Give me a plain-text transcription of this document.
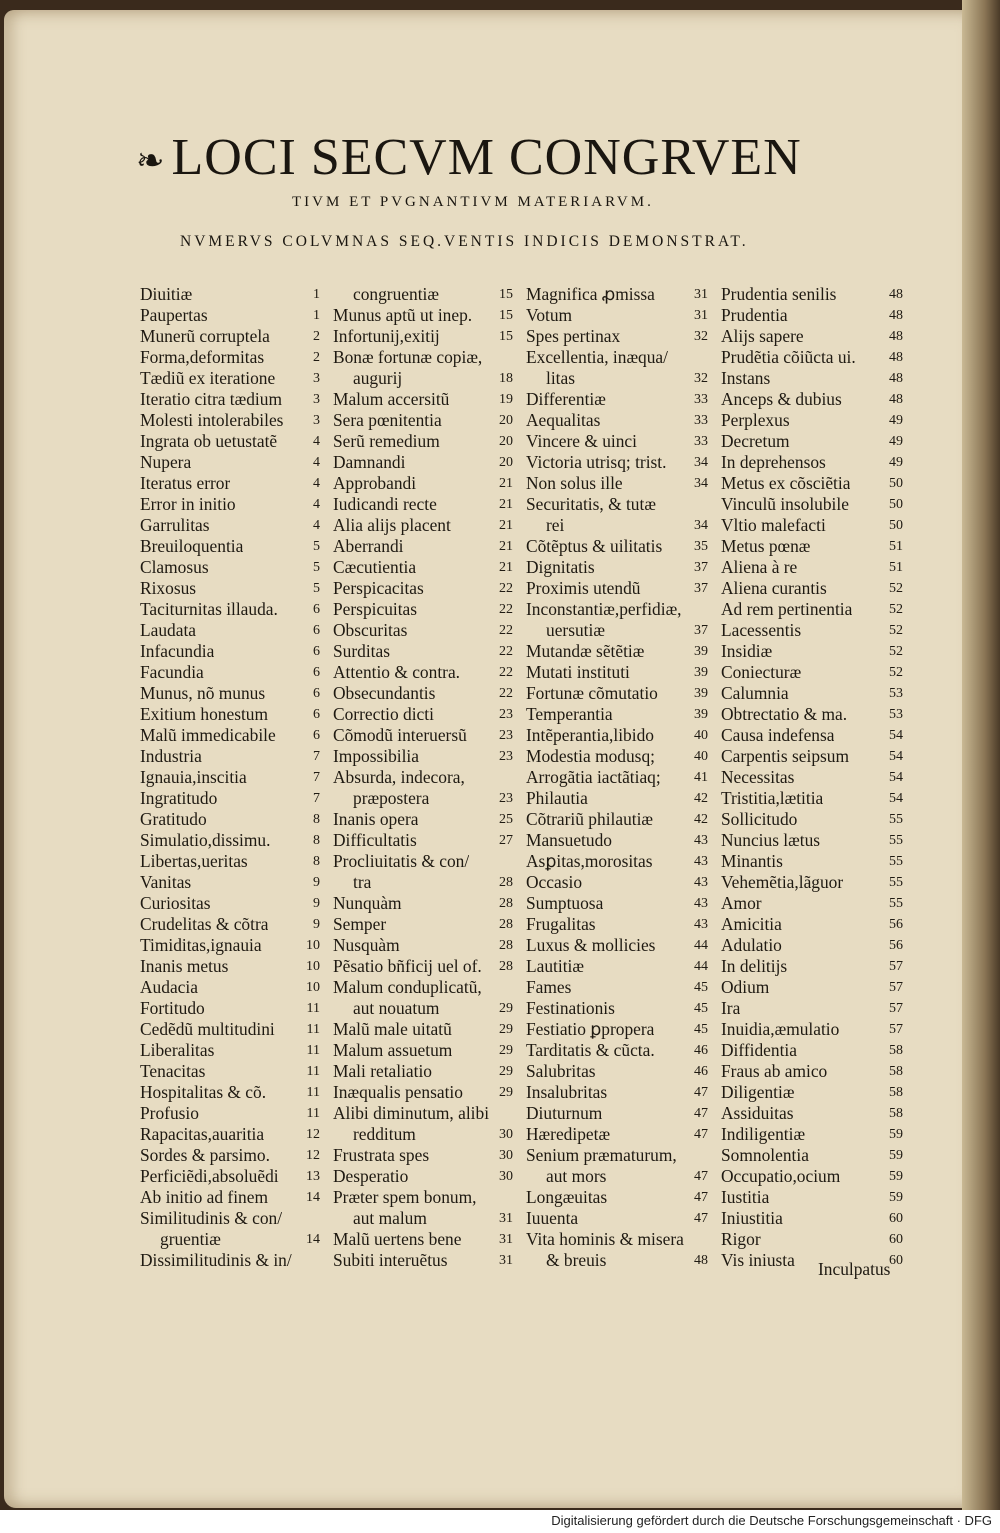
❧ LOCI SECVM CONGRVEN
TIVM ET PVGNANTIVM MATERIARVM.
NVMERVS COLVMNAS SEQ.VENTIS INDICIS DEMONSTRAT.
Diuitiæ	1
Paupertas	1
Munerũ corruptela	2
Forma,deformitas	2
Tædiũ ex iteratione	3
Iteratio citra tædium 3
Molesti intolerabiles 3
Ingrata ob uetustatẽ	4
Nupera	4
Iteratus error	4
Error in initio	4
Garrulitas	4
Breuiloquentia	5
Clamosus	5
Rixosus	5
Taciturnitas illauda.	6
Laudata	6
Infacundia	6
Facundia	6
Munus, nõ munus	6
Exitium honestum	6
Malũ immedicabile	6
Industria	7
Ignauia,inscitia	7
Ingratitudo	7
Gratitudo	8
Simulatio,dissimu.	8
Libertas,ueritas	8
Vanitas	9
Curiositas	9
Crudelitas & cõtra	9
Timiditas,ignauia	10
Inanis metus	10
Audacia	10
Fortitudo	11
Cedẽdũ multitudini 11
Liberalitas	11
Tenacitas	11
Hospitalitas & cõ.	11
Profusio	11
Rapacitas,auaritia	12
Sordes & parsimo.	12
Perficiẽdi,absoluẽdi 13
Ab initio ad finem	14
Similitudinis & con/
gruentiæ	14
Dissimilitudinis & in/
congruentiæ	15
Munus aptũ ut inep. 15
Infortunij,exitij	15
Bonæ fortunæ copiæ,
augurij	18
Malum accersitũ	19
Sera pœnitentia	20
Serũ remedium	20
Damnandi	20
Approbandi	21
Iudicandi recte	21
Alia alijs placent	21
Aberrandi	21
Cæcutientia	21
Perspicacitas	22
Perspicuitas	22
Obscuritas	22
Surditas	22
Attentio & contra.	22
Obsecundantis	22
Correctio dicti	23
Cõmodũ interuersũ 23
Impossibilia	23
Absurda, indecora,
præpostera	23
Inanis opera	25
Difficultatis	27
Procliuitatis & con/
tra	28
Nunquàm	28
Semper	28
Nusquàm	28
Pẽsatio bñficij uel of. 28
Malum conduplicatũ,
aut nouatum	29
Malũ male uitatũ	29
Malum assuetum	29
Mali retaliatio	29
Inæqualis pensatio	29
Alibi diminutum, alibi
redditum	30
Frustrata spes	30
Desperatio	30
Præter spem bonum,
aut malum	31
Malũ uertens bene	31
Subiti interuẽtus	31
Magnifica ꝓmissa	31
Votum	31
Spes pertinax	32
Excellentia, inæqua/
litas	32
Differentiæ	33
Aequalitas	33
Vincere & uinci	33
Victoria utrisq; trist. 34
Non solus ille	34
Securitatis, & tutæ
rei	34
Cõtẽptus & uilitatis 35
Dignitatis	37
Proximis utendũ	37
Inconstantiæ,perfidiæ,
uersutiæ	37
Mutandæ sẽtẽtiæ	39
Mutati instituti	39
Fortunæ cõmutatio	39
Temperantia	39
Intẽperantia,libido	40
Modestia modusq;	40
Arrogãtia iactãtiaq; 41
Philautia	42
Cõtrariũ philautiæ	42
Mansuetudo	43
Asꝑitas,morositas	43
Occasio	43
Sumptuosa	43
Frugalitas	43
Luxus & mollicies	44
Lautitiæ	44
Fames	45
Festinationis	45
Festiatio ꝑpropera	45
Tarditatis & cũcta.	46
Salubritas	46
Insalubritas	47
Diuturnum	47
Hæredipetæ	47
Senium præmaturum,
aut mors	47
Longæuitas	47
Iuuenta	47
Vita hominis & misera
& breuis	48
Prudentia senilis	48
Prudentia	48
Alijs sapere	48
Prudẽtia cõiũcta ui. 48
Instans	48
Anceps & dubius	48
Perplexus	49
Decretum	49
In deprehensos	49
Metus ex cõsciẽtia	50
Vinculũ insolubile	50
Vltio malefacti	50
Metus pœnæ	51
Aliena à re	51
Aliena curantis	52
Ad rem pertinentia	52
Lacessentis	52
Insidiæ	52
Coniecturæ	52
Calumnia	53
Obtrectatio & ma.	53
Causa indefensa	54
Carpentis seipsum	54
Necessitas	54
Tristitia,lætitia	54
Sollicitudo	55
Nuncius lætus	55
Minantis	55
Vehemẽtia,lãguor	55
Amor	55
Amicitia	56
Adulatio	56
In delitijs	57
Odium	57
Ira	57
Inuidia,æmulatio	57
Diffidentia	58
Fraus ab amico	58
Diligentiæ	58
Assiduitas	58
Indiligentiæ	59
Somnolentia	59
Occupatio,ocium	59
Iustitia	59
Iniustitia	60
Rigor	60
Vis iniusta	60
Inculpatus
Digitalisierung gefördert durch die Deutsche Forschungsgemeinschaft · DFG
